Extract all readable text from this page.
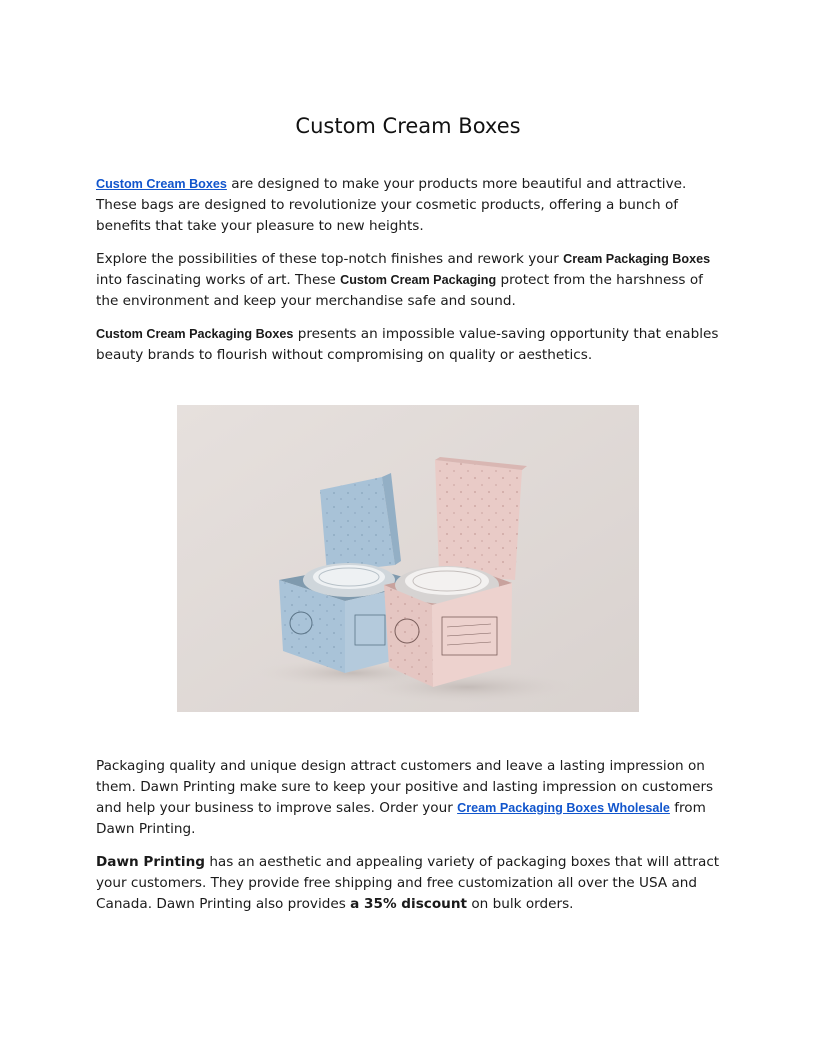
Custom Cream Boxes

Custom Cream Boxes are designed to make your products more beautiful and attractive. These bags are designed to revolutionize your cosmetic products, offering a bunch of benefits that take your pleasure to new heights.

Explore the possibilities of these top-notch finishes and rework your Cream Packaging Boxes into fascinating works of art. These Custom Cream Packaging protect from the harshness of the environment and keep your merchandise safe and sound.

Custom Cream Packaging Boxes presents an impossible value-saving opportunity that enables beauty brands to flourish without compromising on quality or aesthetics.

Packaging quality and unique design attract customers and leave a lasting impression on them. Dawn Printing make sure to keep your positive and lasting impression on customers and help your business to improve sales. Order your Cream Packaging Boxes Wholesale from Dawn Printing.

Dawn Printing has an aesthetic and appealing variety of packaging boxes that will attract your customers. They provide free shipping and free customization all over the USA and Canada. Dawn Printing also provides a 35% discount on bulk orders.
